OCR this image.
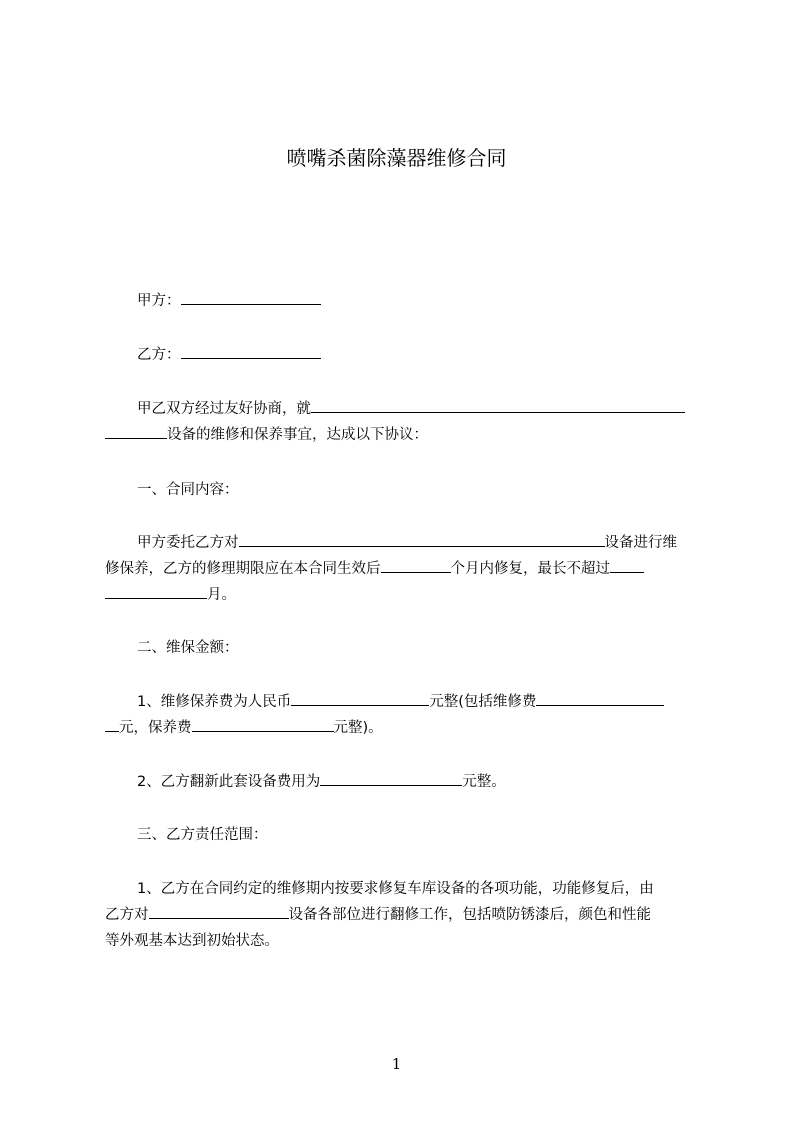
喷嘴杀菌除藻器维修合同
甲方：
乙方：
甲乙双方经过友好协商，就
设备的维修和保养事宜，达成以下协议：
一、合同内容：
甲方委托乙方对	设备进行维
修保养，乙方的修理期限应在本合同生效后	个月内修复，最长不超过
月。
二、维保金额：
1、维修保养费为人民币	元整(包括维修费
元，保养费	元整)。
2、乙方翻新此套设备费用为	元整。
三、乙方责任范围：
1、乙方在合同约定的维修期内按要求修复车库设备的各项功能，功能修复后，由
乙方对	设备各部位进行翻修工作，包括喷防锈漆后，颜色和性能
等外观基本达到初始状态。
1
